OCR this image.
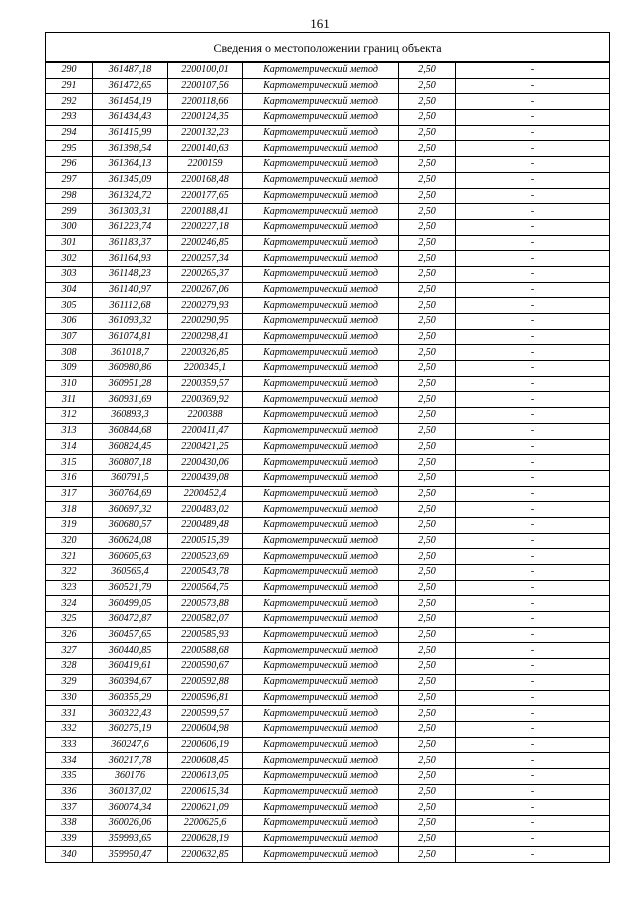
161
Сведения о местоположении границ объекта
290	361487,18	2200100,01	Картометрический метод	2,50	-
291	361472,65	2200107,56	Картометрический метод	2,50	-
292	361454,19	2200118,66	Картометрический метод	2,50	-
293	361434,43	2200124,35	Картометрический метод	2,50	-
294	361415,99	2200132,23	Картометрический метод	2,50	-
295	361398,54	2200140,63	Картометрический метод	2,50	-
296	361364,13	2200159	Картометрический метод	2,50	-
297	361345,09	2200168,48	Картометрический метод	2,50	-
298	361324,72	2200177,65	Картометрический метод	2,50	-
299	361303,31	2200188,41	Картометрический метод	2,50	-
300	361223,74	2200227,18	Картометрический метод	2,50	-
301	361183,37	2200246,85	Картометрический метод	2,50	-
302	361164,93	2200257,34	Картометрический метод	2,50	-
303	361148,23	2200265,37	Картометрический метод	2,50	-
304	361140,97	2200267,06	Картометрический метод	2,50	-
305	361112,68	2200279,93	Картометрический метод	2,50	-
306	361093,32	2200290,95	Картометрический метод	2,50	-
307	361074,81	2200298,41	Картометрический метод	2,50	-
308	361018,7	2200326,85	Картометрический метод	2,50	-
309	360980,86	2200345,1	Картометрический метод	2,50	-
310	360951,28	2200359,57	Картометрический метод	2,50	-
311	360931,69	2200369,92	Картометрический метод	2,50	-
312	360893,3	2200388	Картометрический метод	2,50	-
313	360844,68	2200411,47	Картометрический метод	2,50	-
314	360824,45	2200421,25	Картометрический метод	2,50	-
315	360807,18	2200430,06	Картометрический метод	2,50	-
316	360791,5	2200439,08	Картометрический метод	2,50	-
317	360764,69	2200452,4	Картометрический метод	2,50	-
318	360697,32	2200483,02	Картометрический метод	2,50	-
319	360680,57	2200489,48	Картометрический метод	2,50	-
320	360624,08	2200515,39	Картометрический метод	2,50	-
321	360605,63	2200523,69	Картометрический метод	2,50	-
322	360565,4	2200543,78	Картометрический метод	2,50	-
323	360521,79	2200564,75	Картометрический метод	2,50	-
324	360499,05	2200573,88	Картометрический метод	2,50	-
325	360472,87	2200582,07	Картометрический метод	2,50	-
326	360457,65	2200585,93	Картометрический метод	2,50	-
327	360440,85	2200588,68	Картометрический метод	2,50	-
328	360419,61	2200590,67	Картометрический метод	2,50	-
329	360394,67	2200592,88	Картометрический метод	2,50	-
330	360355,29	2200596,81	Картометрический метод	2,50	-
331	360322,43	2200599,57	Картометрический метод	2,50	-
332	360275,19	2200604,98	Картометрический метод	2,50	-
333	360247,6	2200606,19	Картометрический метод	2,50	-
334	360217,78	2200608,45	Картометрический метод	2,50	-
335	360176	2200613,05	Картометрический метод	2,50	-
336	360137,02	2200615,34	Картометрический метод	2,50	-
337	360074,34	2200621,09	Картометрический метод	2,50	-
338	360026,06	2200625,6	Картометрический метод	2,50	-
339	359993,65	2200628,19	Картометрический метод	2,50	-
340	359950,47	2200632,85	Картометрический метод	2,50	-
